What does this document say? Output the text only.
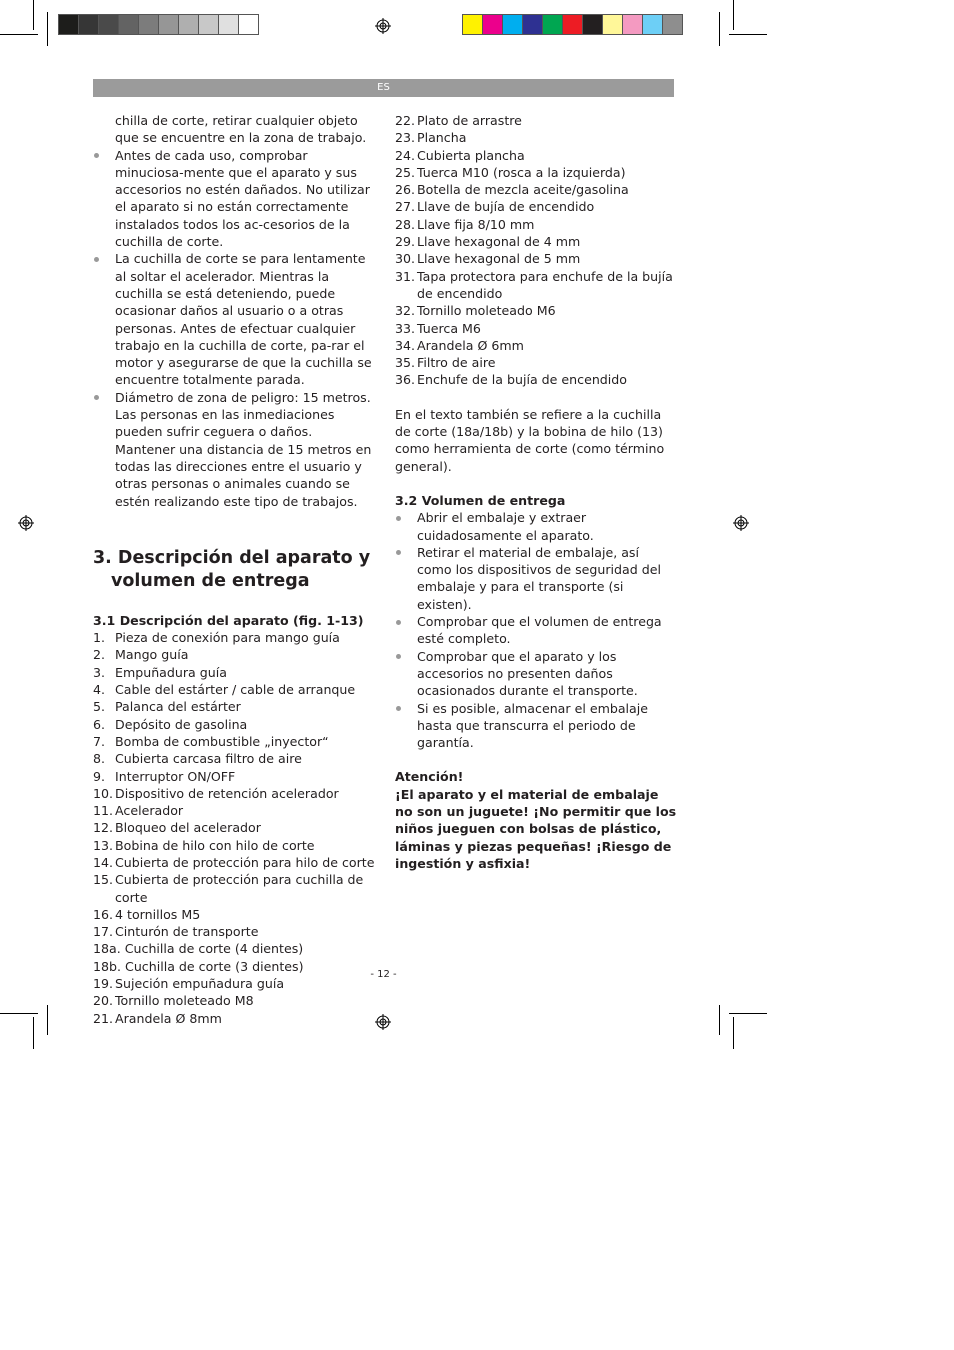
ES
chilla de corte, retirar cualquier objeto que se encuentre en la zona de trabajo.
Antes de cada uso, comprobar minuciosa-mente que el aparato y sus accesorios no estén dañados. No utilizar el aparato si no están correctamente instalados todos los ac-cesorios de la cuchilla de corte.
La cuchilla de corte se para lentamente al soltar el acelerador. Mientras la cuchilla se está deteniendo, puede ocasionar daños al usuario o a otras personas. Antes de efectuar cualquier trabajo en la cuchilla de corte, pa-rar el motor y asegurarse de que la cuchilla se encuentre totalmente parada.
Diámetro de zona de peligro: 15 metros. Las personas en las inmediaciones pueden sufrir ceguera o daños. Mantener una distancia de 15 metros en todas las direcciones entre el usuario y otras personas o animales cuando se estén realizando este tipo de trabajos.
3. Descripción del aparato y volumen de entrega
3.1 Descripción del aparato (fig. 1-13)
1. Pieza de conexión para mango guía
2. Mango guía
3. Empuñadura guía
4. Cable del estárter / cable de arranque
5. Palanca del estárter
6. Depósito de gasolina
7. Bomba de combustible „inyector“
8. Cubierta carcasa filtro de aire
9. Interruptor ON/OFF
10. Dispositivo de retención acelerador
11. Acelerador
12. Bloqueo del acelerador
13. Bobina de hilo con hilo de corte
14. Cubierta de protección para hilo de corte
15. Cubierta de protección para cuchilla de corte
16. 4 tornillos M5
17. Cinturón de transporte
18a. Cuchilla de corte (4 dientes)
18b. Cuchilla de corte (3 dientes)
19. Sujeción empuñadura guía
20. Tornillo moleteado M8
21. Arandela Ø 8mm
22. Plato de arrastre
23. Plancha
24. Cubierta plancha
25. Tuerca M10 (rosca a la izquierda)
26. Botella de mezcla aceite/gasolina
27. Llave de bujía de encendido
28. Llave fija 8/10 mm
29. Llave hexagonal de 4 mm
30. Llave hexagonal de 5 mm
31. Tapa protectora para enchufe de la bujía de encendido
32. Tornillo moleteado M6
33. Tuerca M6
34. Arandela Ø 6mm
35. Filtro de aire
36. Enchufe de la bujía de encendido

En el texto también se refiere a la cuchilla de corte (18a/18b) y la bobina de hilo (13) como herramienta de corte (como término general).

3.2 Volumen de entrega
Abrir el embalaje y extraer cuidadosamente el aparato.
Retirar el material de embalaje, así como los dispositivos de seguridad del embalaje y para el transporte (si existen).
Comprobar que el volumen de entrega esté completo.
Comprobar que el aparato y los accesorios no presenten daños ocasionados durante el transporte.
Si es posible, almacenar el embalaje hasta que transcurra el periodo de garantía.

Atención!

¡El aparato y el material de embalaje no son un juguete! ¡No permitir que los niños jueguen con bolsas de plástico, láminas y piezas pequeñas! ¡Riesgo de ingestión y asfixia!

- 12 -
